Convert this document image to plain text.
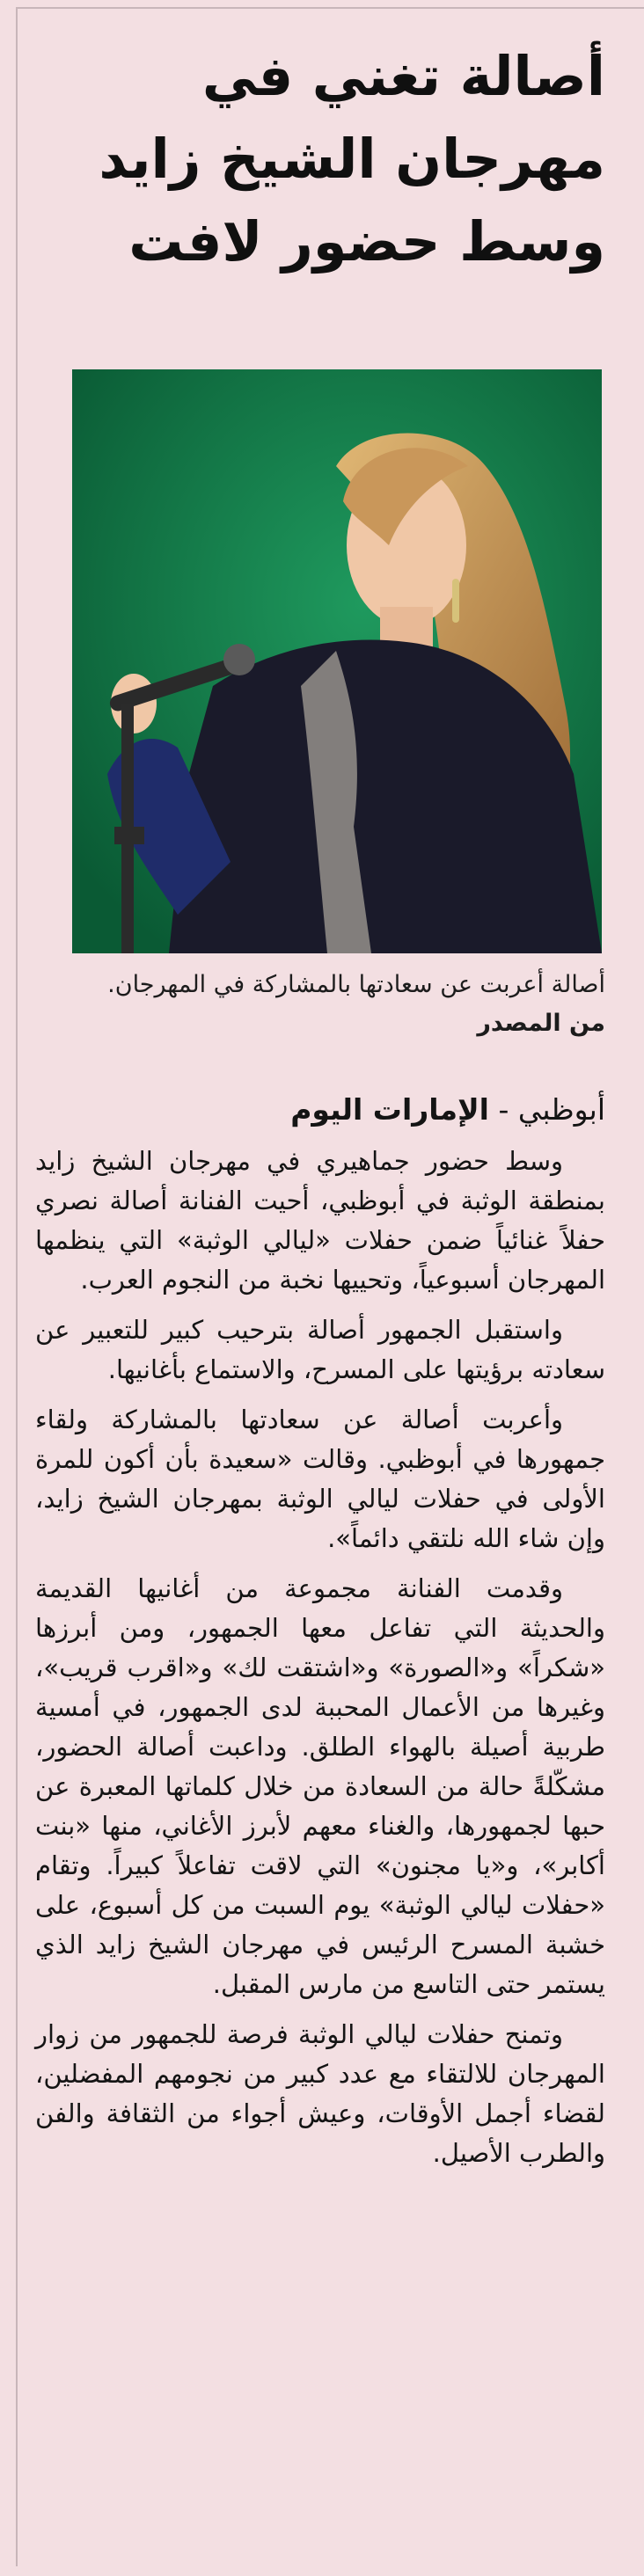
أصالة تغني في مهرجان الشيخ زايد وسط حضور لافت
أصالة أعربت عن سعادتها بالمشاركة في المهرجان. من المصدر
أبوظبي - الإمارات اليوم

وسط حضور جماهيري في مهرجان الشيخ زايد بمنطقة الوثبة في أبوظبي، أحيت الفنانة أصالة نصري حفلاً غنائياً ضمن حفلات «ليالي الوثبة» التي ينظمها المهرجان أسبوعياً، وتحييها نخبة من النجوم العرب.

واستقبل الجمهور أصالة بترحيب كبير للتعبير عن سعادته برؤيتها على المسرح، والاستماع بأغانيها.

وأعربت أصالة عن سعادتها بالمشاركة ولقاء جمهورها في أبوظبي. وقالت «سعيدة بأن أكون للمرة الأولى في حفلات ليالي الوثبة بمهرجان الشيخ زايد، وإن شاء الله نلتقي دائماً».

وقدمت الفنانة مجموعة من أغانيها القديمة والحديثة التي تفاعل معها الجمهور، ومن أبرزها «شكراً» و«الصورة» و«اشتقت لك» و«اقرب قريب»، وغيرها من الأعمال المحببة لدى الجمهور، في أمسية طربية أصيلة بالهواء الطلق. وداعبت أصالة الحضور، مشكّلةً حالة من السعادة من خلال كلماتها المعبرة عن حبها لجمهورها، والغناء معهم لأبرز الأغاني، منها «بنت أكابر»، و«يا مجنون» التي لاقت تفاعلاً كبيراً. وتقام «حفلات ليالي الوثبة» يوم السبت من كل أسبوع، على خشبة المسرح الرئيس في مهرجان الشيخ زايد الذي يستمر حتى التاسع من مارس المقبل.

وتمنح حفلات ليالي الوثبة فرصة للجمهور من زوار المهرجان للالتقاء مع عدد كبير من نجومهم المفضلين، لقضاء أجمل الأوقات، وعيش أجواء من الثقافة والفن والطرب الأصيل.
